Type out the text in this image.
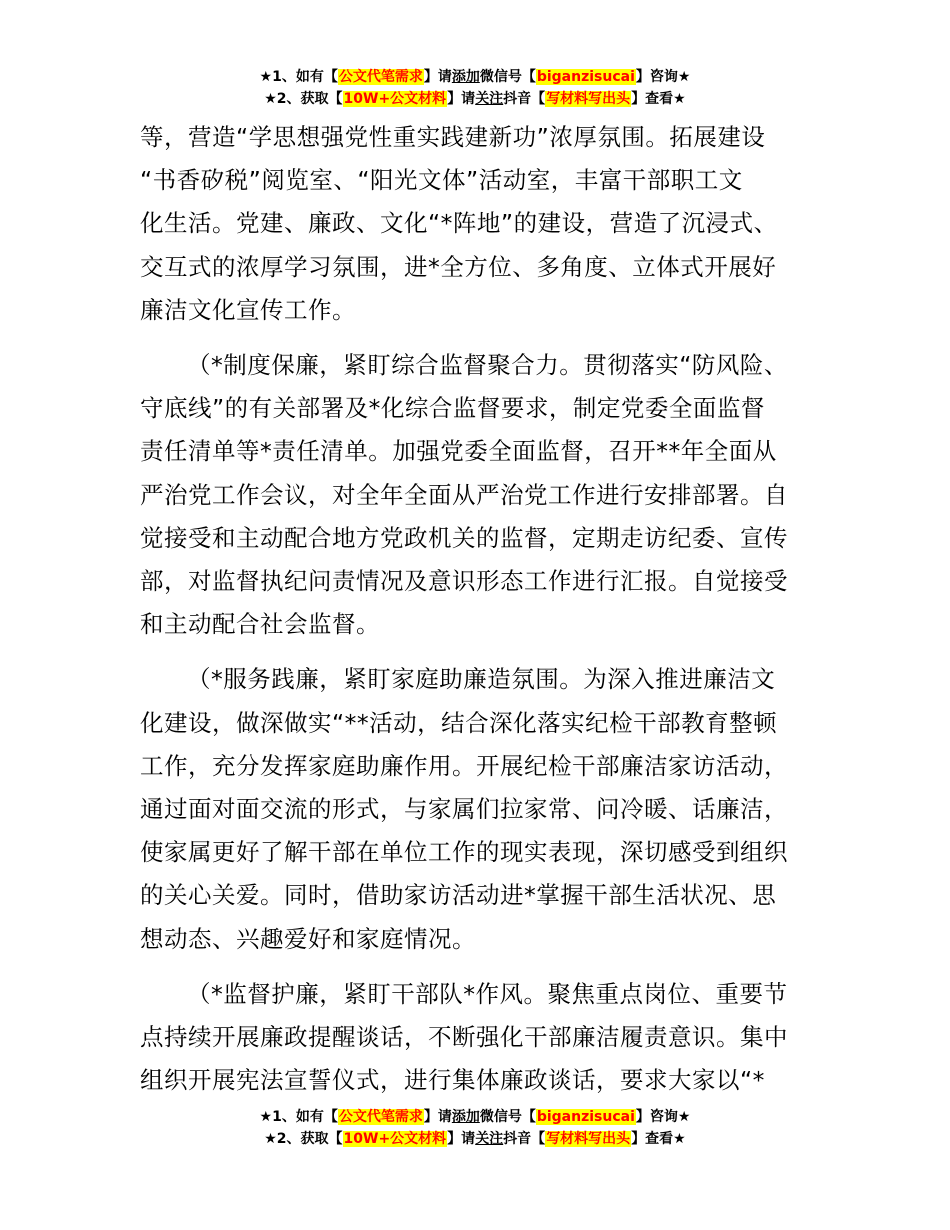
★1、如有【公文代笔需求】请添加微信号【biganzisucai】咨询★
★2、获取【10W+公文材料】请关注抖音【写材料写出头】查看★

等，营造“学思想强党性重实践建新功”浓厚氛围。拓展建设
“书香矽税”阅览室、“阳光文体”活动室，丰富干部职工文
化生活。党建、廉政、文化“*阵地”的建设，营造了沉浸式、
交互式的浓厚学习氛围，进*全方位、多角度、立体式开展好
廉洁文化宣传工作。

（*制度保廉，紧盯综合监督聚合力。贯彻落实“防风险、
守底线”的有关部署及*化综合监督要求，制定党委全面监督
责任清单等*责任清单。加强党委全面监督，召开**年全面从
严治党工作会议，对全年全面从严治党工作进行安排部署。自
觉接受和主动配合地方党政机关的监督，定期走访纪委、宣传
部，对监督执纪问责情况及意识形态工作进行汇报。自觉接受
和主动配合社会监督。

（*服务践廉，紧盯家庭助廉造氛围。为深入推进廉洁文
化建设，做深做实“**活动，结合深化落实纪检干部教育整顿
工作，充分发挥家庭助廉作用。开展纪检干部廉洁家访活动，
通过面对面交流的形式，与家属们拉家常、问冷暖、话廉洁，
使家属更好了解干部在单位工作的现实表现，深切感受到组织
的关心关爱。同时，借助家访活动进*掌握干部生活状况、思
想动态、兴趣爱好和家庭情况。

（*监督护廉，紧盯干部队*作风。聚焦重点岗位、重要节
点持续开展廉政提醒谈话，不断强化干部廉洁履责意识。集中
组织开展宪法宣誓仪式，进行集体廉政谈话，要求大家以“*

★1、如有【公文代笔需求】请添加微信号【biganzisucai】咨询★
★2、获取【10W+公文材料】请关注抖音【写材料写出头】查看★
